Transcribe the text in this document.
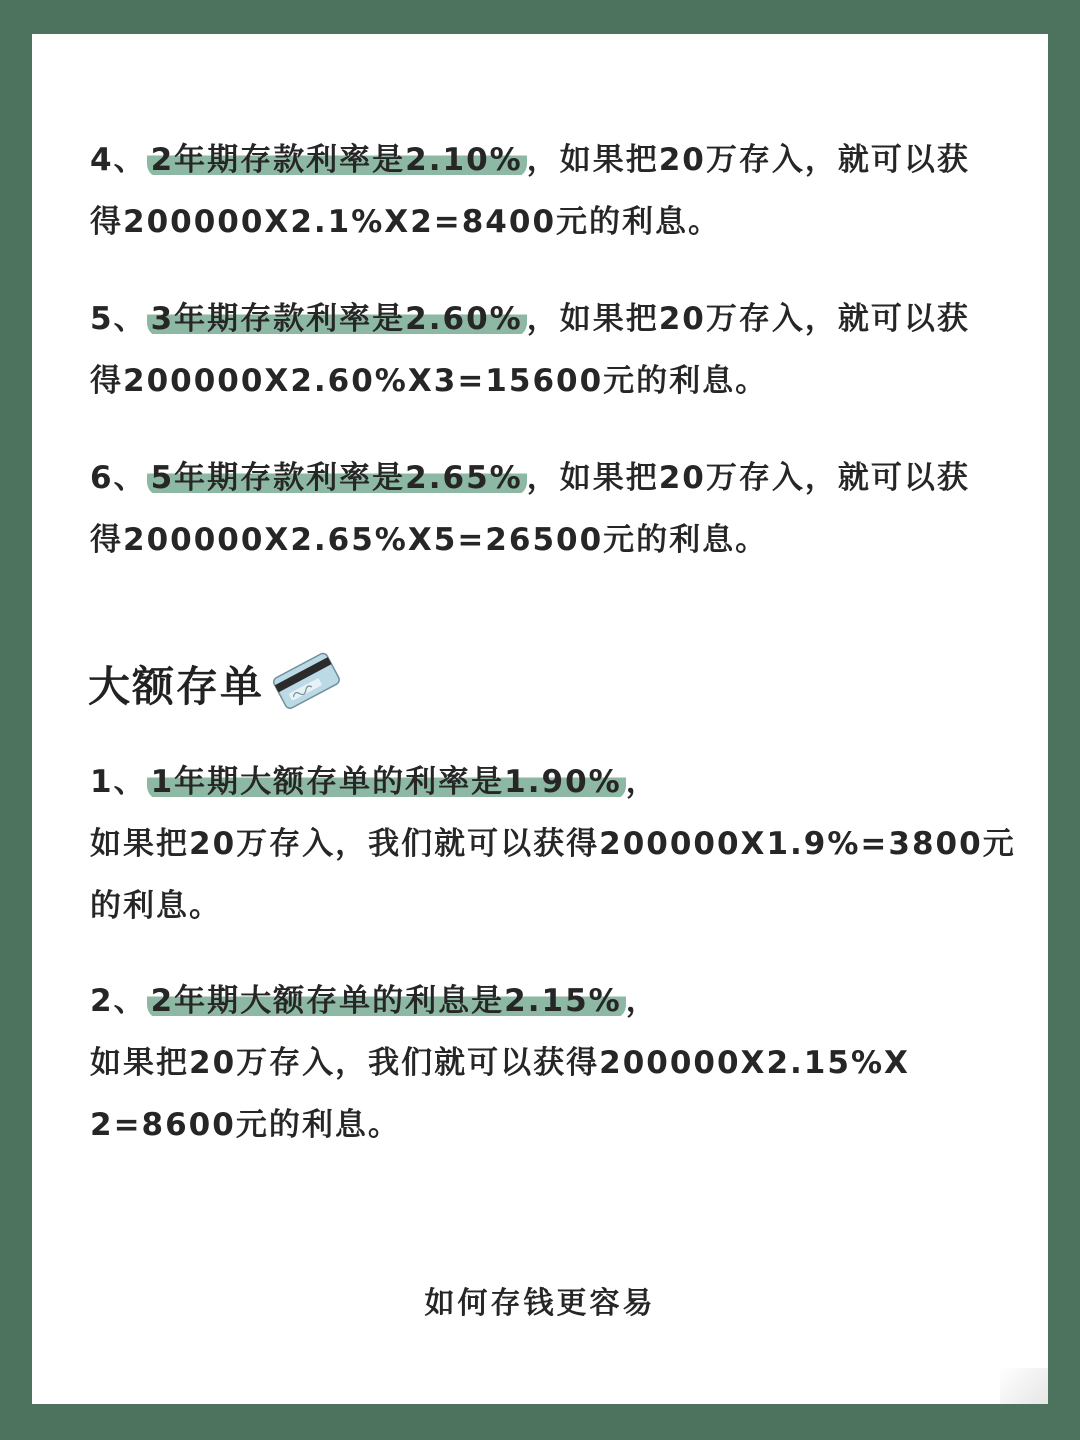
4、 2年期存款利率是2.10% ，如果把20万存入，就可以获
得200000X2.1%X2=8400元的利息。
5、 3年期存款利率是2.60% ，如果把20万存入，就可以获
得200000X2.60%X3=15600元的利息。
6、 5年期存款利率是2.65% ，如果把20万存入，就可以获
得200000X2.65%X5=26500元的利息。
大额存单
1、 1年期大额存单的利率是1.90% ，
如果把20万存入，我们就可以获得200000X1.9%=3800元
的利息。
2、 2年期大额存单的利息是2.15% ，
如果把20万存入，我们就可以获得200000X2.15%X
2=8600元的利息。
如何存钱更容易
